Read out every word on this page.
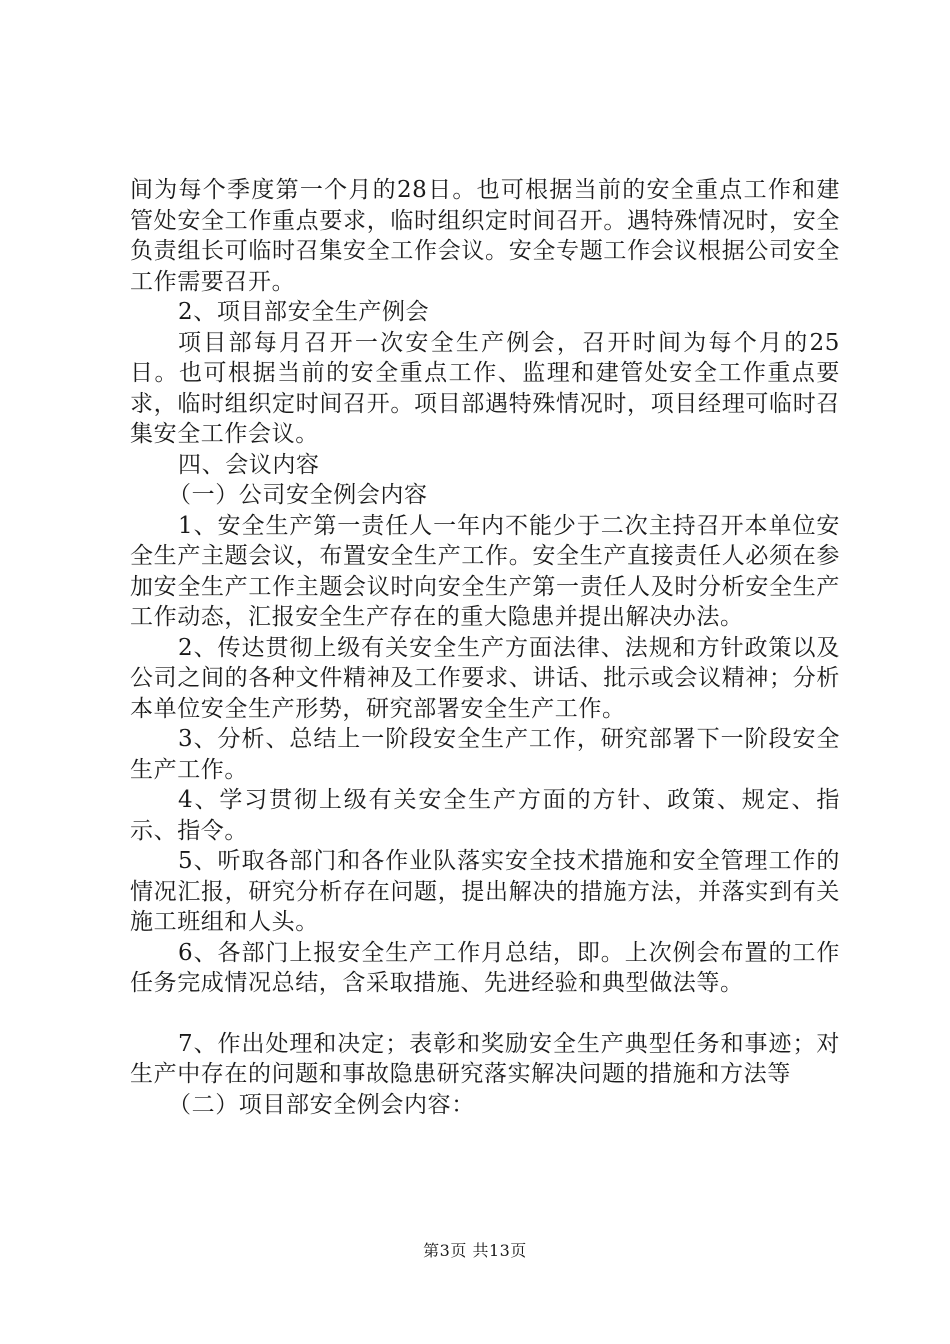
间为每个季度第一个月的28日。也可根据当前的安全重点工作和建管处安全工作重点要求，临时组织定时间召开。遇特殊情况时，安全负责组长可临时召集安全工作会议。安全专题工作会议根据公司安全工作需要召开。

2、项目部安全生产例会

项目部每月召开一次安全生产例会，召开时间为每个月的25日。也可根据当前的安全重点工作、监理和建管处安全工作重点要求，临时组织定时间召开。项目部遇特殊情况时，项目经理可临时召集安全工作会议。

四、会议内容

（一）公司安全例会内容

1、安全生产第一责任人一年内不能少于二次主持召开本单位安全生产主题会议，布置安全生产工作。安全生产直接责任人必须在参加安全生产工作主题会议时向安全生产第一责任人及时分析安全生产工作动态，汇报安全生产存在的重大隐患并提出解决办法。

2、传达贯彻上级有关安全生产方面法律、法规和方针政策以及公司之间的各种文件精神及工作要求、讲话、批示或会议精神；分析本单位安全生产形势，研究部署安全生产工作。

3、分析、总结上一阶段安全生产工作，研究部署下一阶段安全生产工作。

4、学习贯彻上级有关安全生产方面的方针、政策、规定、指示、指令。

5、听取各部门和各作业队落实安全技术措施和安全管理工作的情况汇报，研究分析存在问题，提出解决的措施方法，并落实到有关施工班组和人头。

6、各部门上报安全生产工作月总结，即。上次例会布置的工作任务完成情况总结，含采取措施、先进经验和典型做法等。

7、作出处理和决定；表彰和奖励安全生产典型任务和事迹；对生产中存在的问题和事故隐患研究落实解决问题的措施和方法等

（二）项目部安全例会内容：

第3页 共13页
